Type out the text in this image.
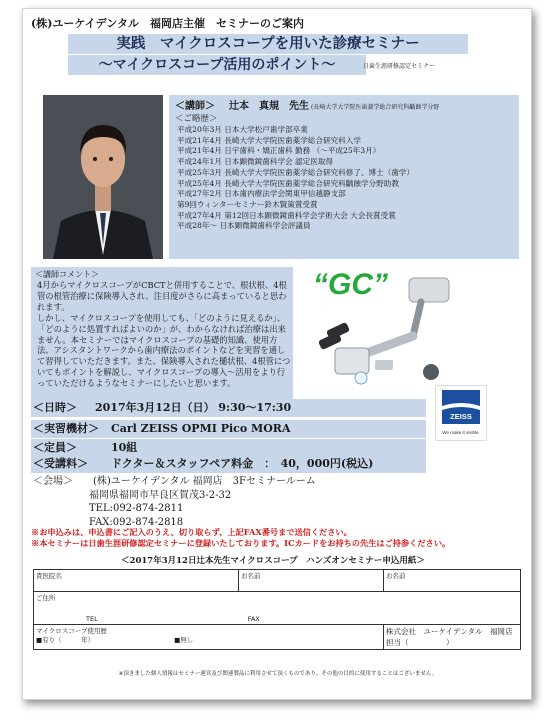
(株)ユーケイデンタル　福岡店主催　セミナーのご案内
実践　マイクロスコープを用いた診療セミナー
～マイクロスコープ活用のポイント～	日歯生涯研修認定セミナー
＜講師＞ 辻本　真規　先生 (長崎大学大学院医歯薬学総合研究科齲蝕学分野
＜ご略歴＞
平成20年3月 日本大学松戸歯学部卒業
平成21年4月 長崎大学大学院医歯薬学総合研究科入学
平成21年4月 日宇歯科・矯正歯科 勤務 （～平成25年3月）
平成24年1月 日本顕微鏡歯科学会 認定医取得
平成25年3月 長崎大学大学院医歯薬学総合研究科修了、博士（歯学）
平成25年4月 長崎大学大学院医歯薬学総合研究科齲蝕学分野助教
平成27年2月 日本歯内療法学会関東甲信越静支部
第9回ウィンターセミナー鈴木賢策賞受賞
平成27年4月 第12回日本顕微鏡歯科学会学術大会 大会長賞受賞
平成28年～ 日本顕微鏡歯科学会評議員
＜講師コメント＞

4月からマイクロスコープがCBCTと併用することで、根状根、4根管の根管治療に保険導入され、注目度がさらに高まっていると思われます。

しかし、マイクロスコープを使用しても、「どのように見えるか」、「どのように処置すればよいのか」が、わからなければ治療は出来ません。本セミナーではマイクロスコープの基礎的知識、使用方法、アシスタントワークから歯内療法のポイントなどを実習を通して習得していただきます。また、保険導入された樋状根、4根管についてもポイントを解説し、マイクロスコープの導入～活用をより行っていただけるようなセミナーにしたいと思います。

“GC”
ZEISS
We make it visible.
＜日時＞ 2017年3月12日（日） 9:30～17:30
＜実習機材＞ Carl ZEISS OPMI Pico MORA
＜定員＞	10組
＜受講料＞ ドクター＆スタッフペア料金　：　40，000円(税込)
＜会場＞　　 (株)ユーケイデンタル 福岡店　3Fセミナールーム
福岡県福岡市早良区賀茂3-2-32
TEL:092-874-2811
FAX:092-874-2818
※お申込みは、申込書にご記入のうえ、切り取らず、上記FAX番号まで送信ください。
※本セミナーは日歯生涯研修認定セミナーに登録いたしております。ICカードをお持ちの先生はご持参ください。
＜2017年3月12日辻本先生マイクロスコープ　ハンズオンセミナー申込用紙＞
貴医院名	お名前	お名前

ご住所
TEL FAX		

マイクロスコープ使用歴
■有り（　　　年） ■無し		株式会社　ユーケイデンタル　福岡店　担当（　　　　　）
※頂きました個人情報はセミナー運営及び関連製品に利用させて頂くものであり、その他の目的に使用することはございません。
